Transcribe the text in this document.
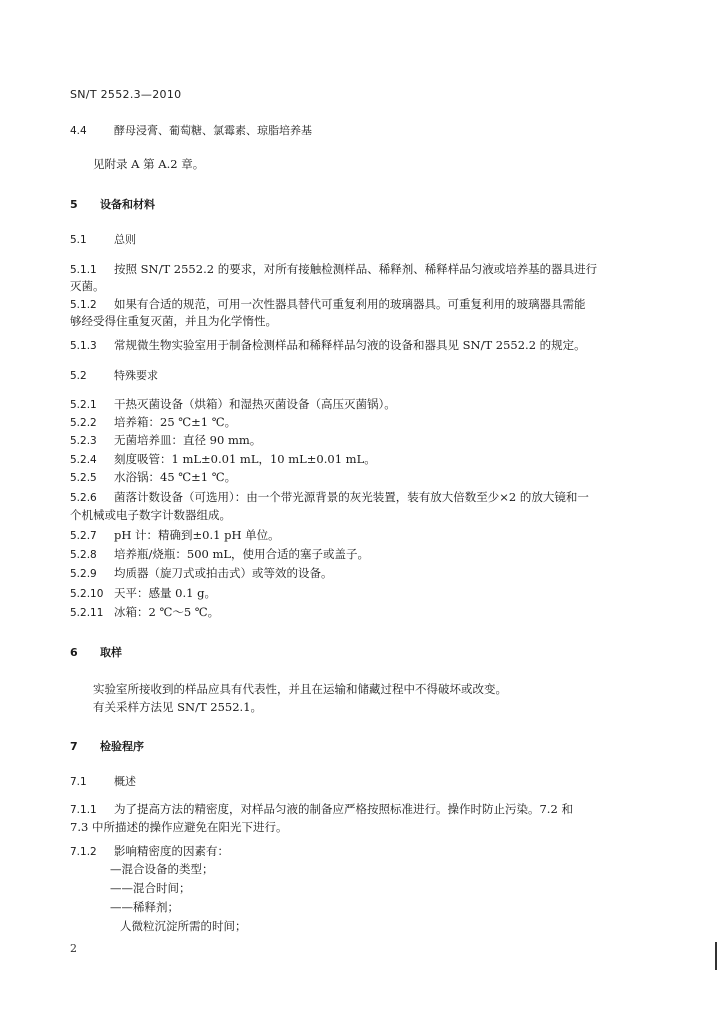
SN/T 2552.3—2010
4.4 酵母浸膏、葡萄糖、氯霉素、琼脂培养基
见附录 A 第 A.2 章。
5 设备和材料
5.1 总则
5.1.1 按照 SN/T 2552.2 的要求，对所有接触检测样品、稀释剂、稀释样品匀液或培养基的器具进行
灭菌。
5.1.2 如果有合适的规范，可用一次性器具替代可重复利用的玻璃器具。可重复利用的玻璃器具需能
够经受得住重复灭菌，并且为化学惰性。
5.1.3 常规微生物实验室用于制备检测样品和稀释样品匀液的设备和器具见 SN/T 2552.2 的规定。
5.2 特殊要求
5.2.1 干热灭菌设备（烘箱）和湿热灭菌设备（高压灭菌锅）。
5.2.2 培养箱：25 ℃±1 ℃。
5.2.3 无菌培养皿：直径 90 mm。
5.2.4 刻度吸管：1 mL±0.01 mL，10 mL±0.01 mL。
5.2.5 水浴锅：45 ℃±1 ℃。
5.2.6 菌落计数设备（可选用）：由一个带光源背景的灰光装置，装有放大倍数至少×2 的放大镜和一
个机械或电子数字计数器组成。
5.2.7 pH 计：精确到±0.1 pH 单位。
5.2.8 培养瓶/烧瓶：500 mL，使用合适的塞子或盖子。
5.2.9 均质器（旋刀式或拍击式）或等效的设备。
5.2.10 天平：感量 0.1 g。
5.2.11 冰箱：2 ℃～5 ℃。
6 取样
实验室所接收到的样品应具有代表性，并且在运输和储藏过程中不得破坏或改变。
有关采样方法见 SN/T 2552.1。
7 检验程序
7.1 概述
7.1.1 为了提高方法的精密度，对样品匀液的制备应严格按照标准进行。操作时防止污染。7.2 和
7.3 中所描述的操作应避免在阳光下进行。
7.1.2 影响精密度的因素有：
—混合设备的类型；
——混合时间；
——稀释剂；
人微粒沉淀所需的时间；
2
